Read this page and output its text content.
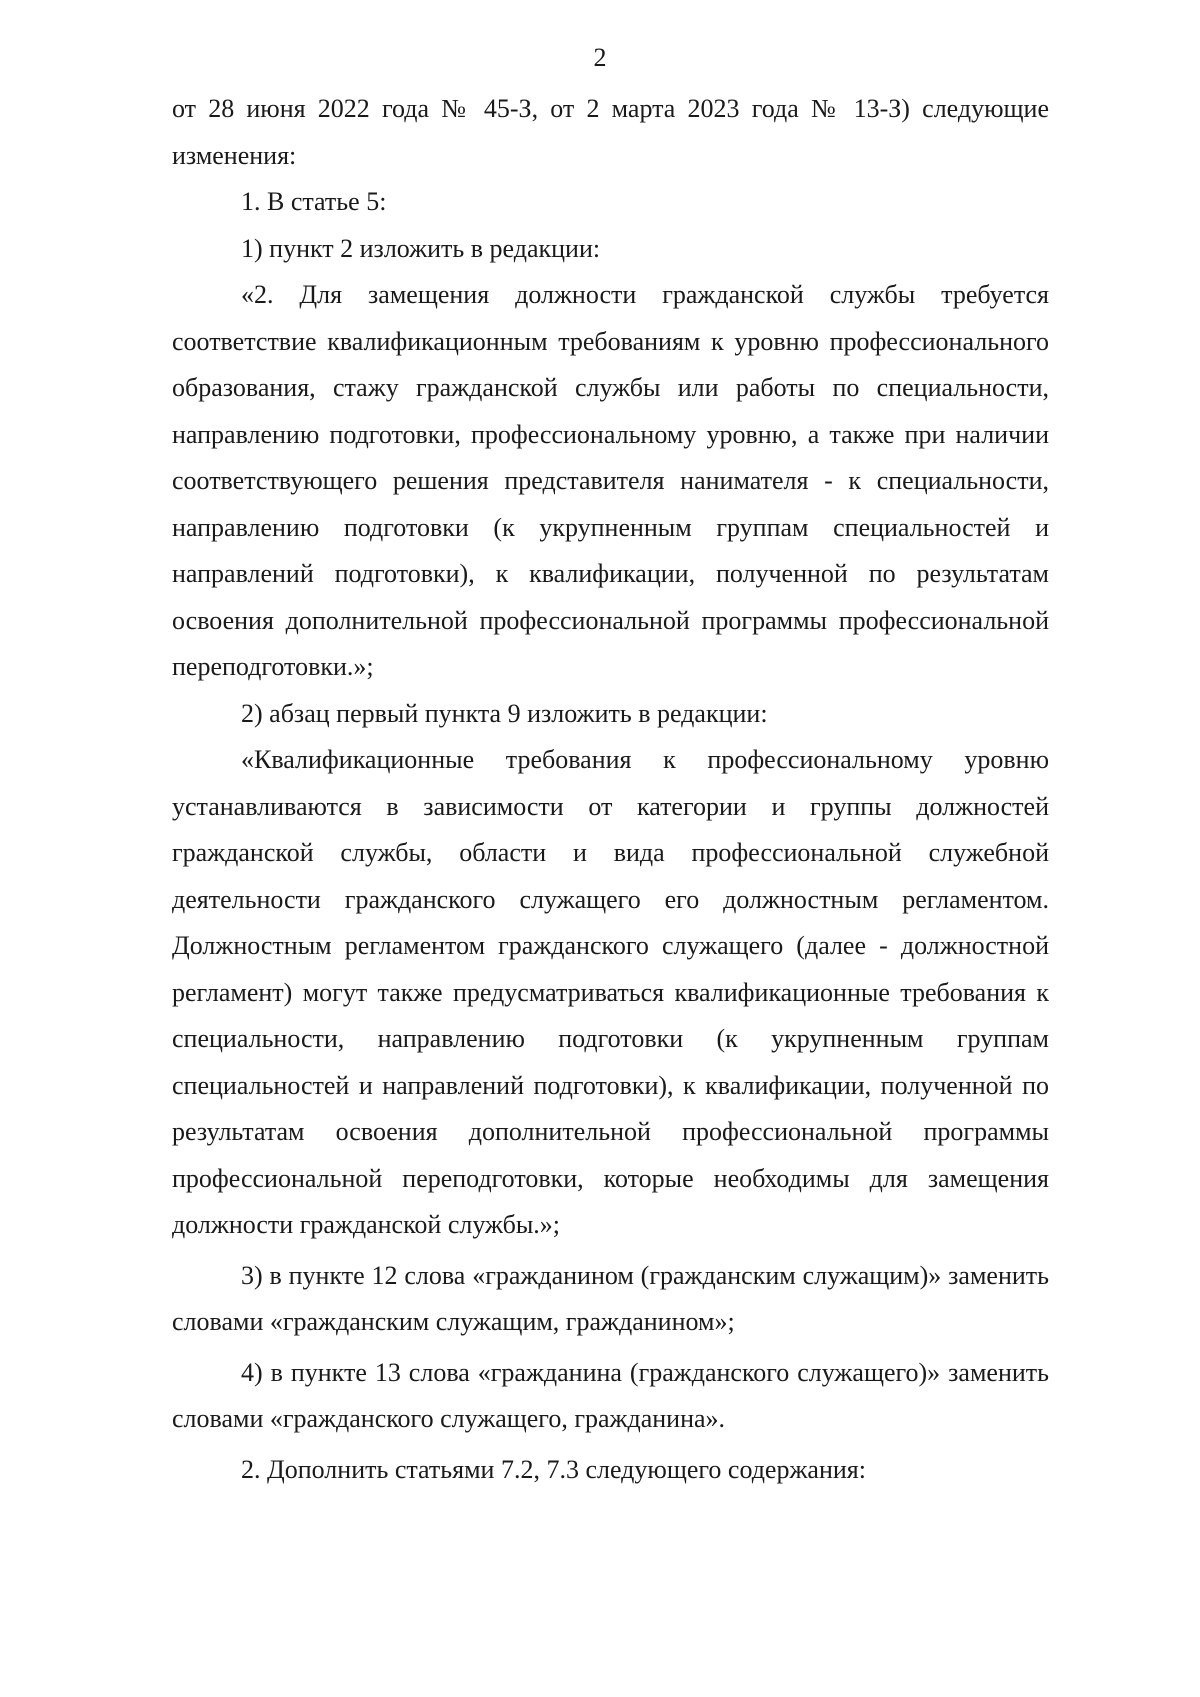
2

от 28 июня 2022 года № 45-З, от 2 марта 2023 года № 13-З) следующие изменения:

1. В статье 5:

1) пункт 2 изложить в редакции:

«2. Для замещения должности гражданской службы требуется соответствие квалификационным требованиям к уровню профессионального образования, стажу гражданской службы или работы по специальности, направлению подготовки, профессиональному уровню, а также при наличии соответствующего решения представителя нанимателя - к специальности, направлению подготовки (к укрупненным группам специальностей и направлений подготовки), к квалификации, полученной по результатам освоения дополнительной профессиональной программы профессиональной переподготовки.»;

2) абзац первый пункта 9 изложить в редакции:

«Квалификационные требования к профессиональному уровню устанавливаются в зависимости от категории и группы должностей гражданской службы, области и вида профессиональной служебной деятельности гражданского служащего его должностным регламентом. Должностным регламентом гражданского служащего (далее - должностной регламент) могут также предусматриваться квалификационные требования к специальности, направлению подготовки (к укрупненным группам специальностей и направлений подготовки), к квалификации, полученной по результатам освоения дополнительной профессиональной программы профессиональной переподготовки, которые необходимы для замещения должности гражданской службы.»;

3) в пункте 12 слова «гражданином (гражданским служащим)» заменить словами «гражданским служащим, гражданином»;

4) в пункте 13 слова «гражданина (гражданского служащего)» заменить словами «гражданского служащего, гражданина».

2. Дополнить статьями 7.2, 7.3 следующего содержания:
